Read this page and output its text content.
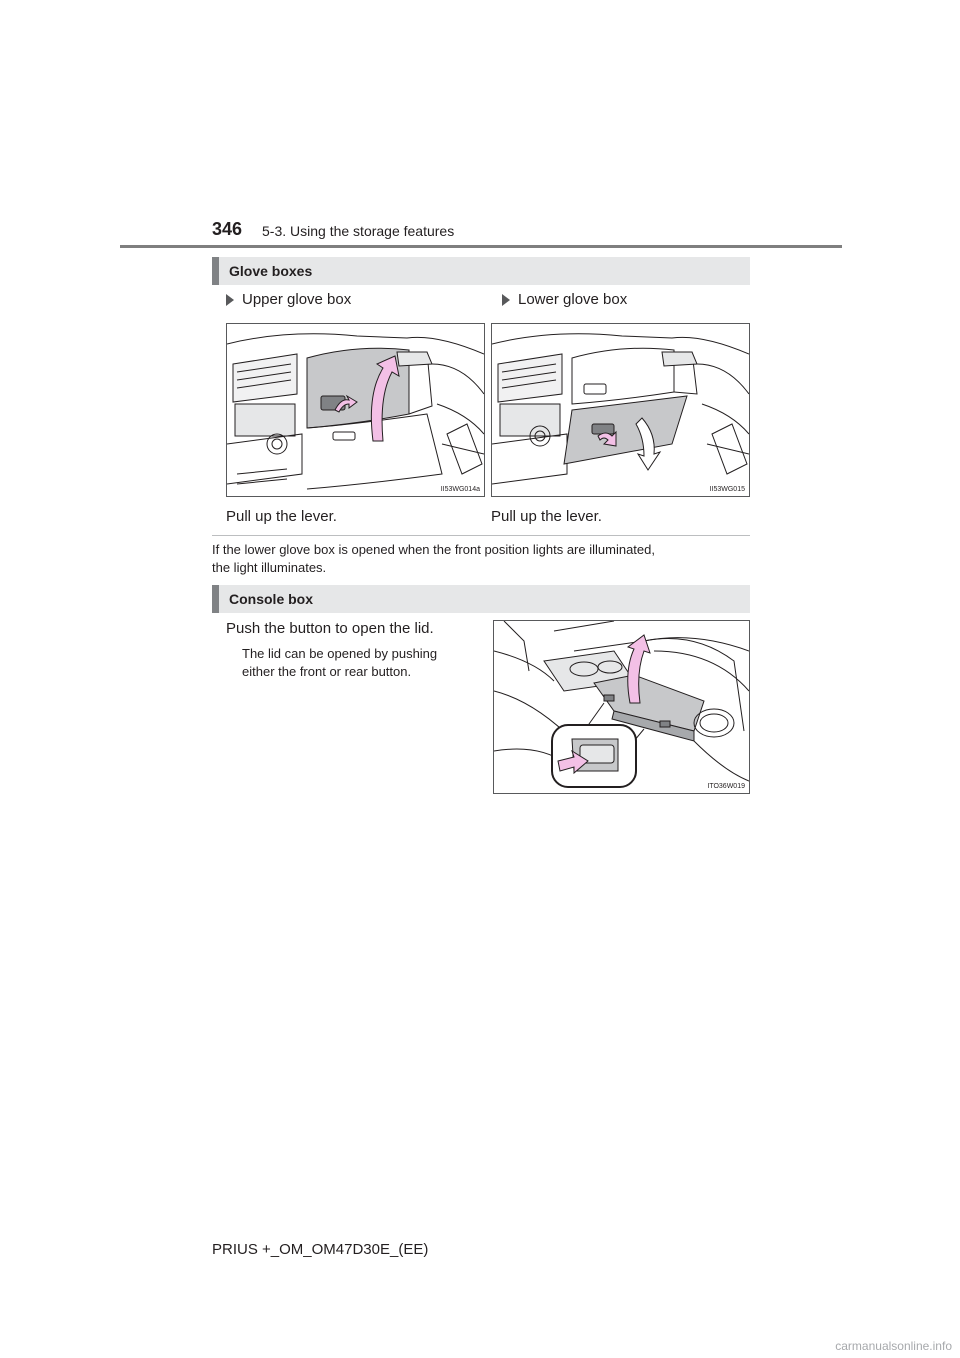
346 5-3. Using the storage features
Glove boxes
Upper glove box	Lower glove box
II53WG014a	II53WG015
Pull up the lever.	Pull up the lever.
If the lower glove box is opened when the front position lights are illuminated,
the light illuminates.
Console box
Push the button to open the lid.
The lid can be opened by pushing
either the front or rear button.
ITO36W019
PRIUS +_OM_OM47D30E_(EE)
carmanualsonline.info
